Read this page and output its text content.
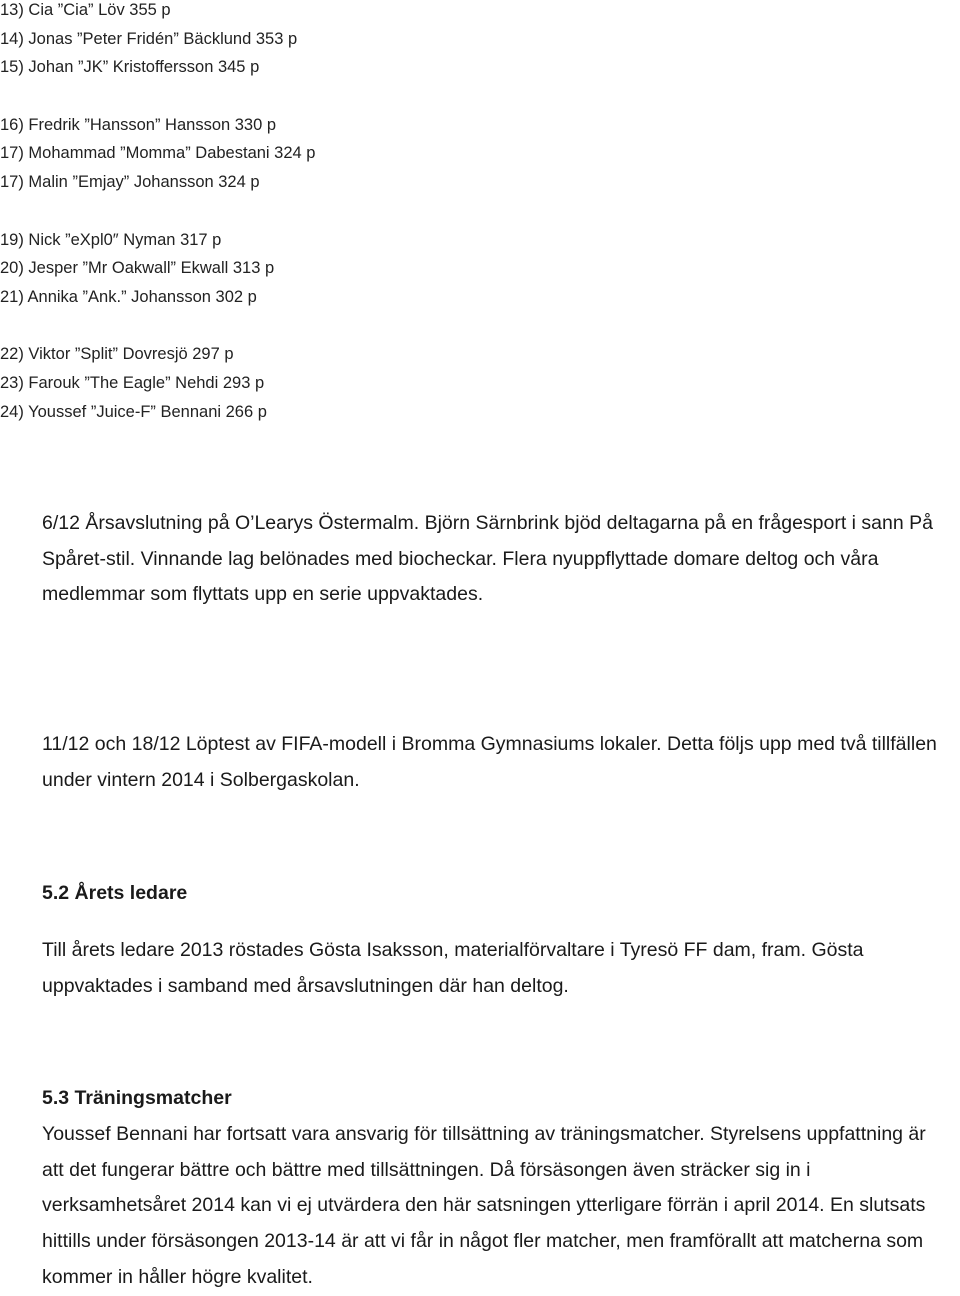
13) Cia ”Cia” Löv 355 p
14) Jonas ”Peter Fridén” Bäcklund 353 p
15) Johan ”JK” Kristoffersson 345 p
16) Fredrik ”Hansson” Hansson 330 p
17) Mohammad ”Momma” Dabestani 324 p
17) Malin ”Emjay” Johansson 324 p
19) Nick ”eXpl0″ Nyman 317 p
20) Jesper ”Mr Oakwall” Ekwall 313 p
21) Annika ”Ank.” Johansson 302 p
22) Viktor ”Split” Dovresjö 297 p
23) Farouk ”The Eagle” Nehdi 293 p
24) Youssef ”Juice-F” Bennani 266 p

6/12 Årsavslutning på O’Learys Östermalm. Björn Särnbrink bjöd deltagarna på en frågesport i sann På Spåret-stil. Vinnande lag belönades med biocheckar. Flera nyuppflyttade domare deltog och våra medlemmar som flyttats upp en serie uppvaktades.

11/12 och 18/12 Löptest av FIFA-modell i Bromma Gymnasiums lokaler. Detta följs upp med två tillfällen under vintern 2014 i Solbergaskolan.

5.2 Årets ledare

Till årets ledare 2013 röstades Gösta Isaksson, materialförvaltare i Tyresö FF dam, fram. Gösta uppvaktades i samband med årsavslutningen där han deltog.

5.3 Träningsmatcher

Youssef Bennani har fortsatt vara ansvarig för tillsättning av träningsmatcher. Styrelsens uppfattning är att det fungerar bättre och bättre med tillsättningen. Då försäsongen även sträcker sig in i verksamhetsåret 2014 kan vi ej utvärdera den här satsningen ytterligare förrän i april 2014. En slutsats hittills under försäsongen 2013-14 är att vi får in något fler matcher, men framförallt att matcherna som kommer in håller högre kvalitet.
